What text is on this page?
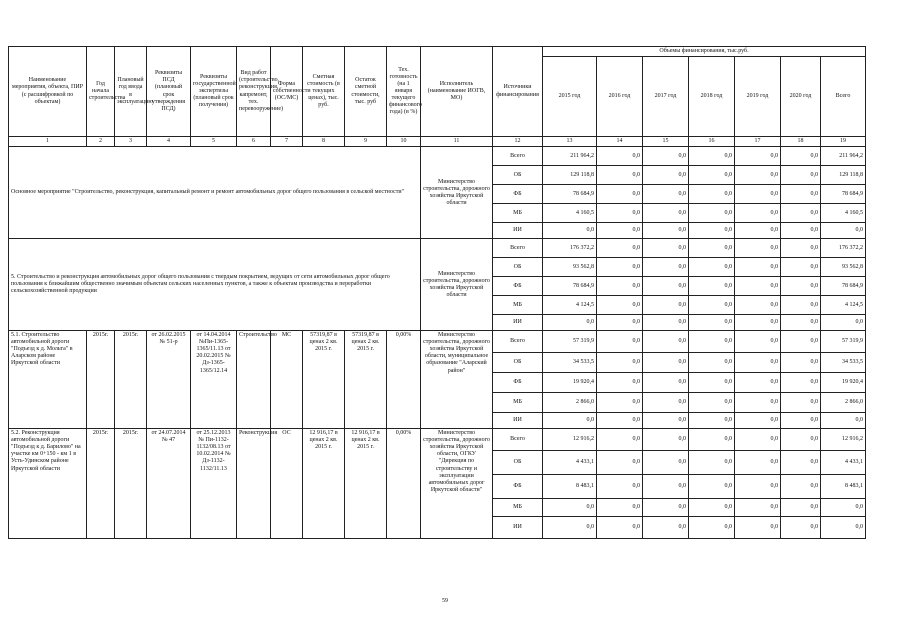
Наименование мероприятия, объекта, ПИР (с расшифровкой по объектам)	Год начала строительства	Плановый год ввода в эксплуатацию	Реквизиты ПСД (плановый срок утверждения ПСД)	Реквизиты государственной экспертизы (плановый срок получения)	Вид работ (строительство, реконструкция, капремонт, тех. перевооружение)	Форма собственности (ОС/МС)	Сметная стоимость (в текущих ценах), тыс. руб.	Остаток сметной стоимости, тыс. руб	Тех. готовность (на 1 января текущего финансового года) (в %)	Исполнитель (наименование ИОГВ, МО)	Источники финансирования	Объемы финансирования, тыс.руб.						
												2015 год	2016 год	2017 год	2018 год	2019 год	2020 год	Всего
1	2	3	4	5	6	7	8	9	10	11	12	13	14	15	16	17	18	19
Основное мероприятие "Строительство, реконструкция, капитальный ремонт и ремонт автомобильных дорог общего пользования в сельской местности"										Министерство строительства, дорожного хозяйства Иркутской области	Всего	211 964,2	0,0	0,0	0,0	0,0	0,0	211 964,2
											ОБ	129 118,8	0,0	0,0	0,0	0,0	0,0	129 118,8
											ФБ	78 684,9	0,0	0,0	0,0	0,0	0,0	78 684,9
											МБ	4 160,5	0,0	0,0	0,0	0,0	0,0	4 160,5
											ИИ	0,0	0,0	0,0	0,0	0,0	0,0	0,0
5. Строительство и реконструкция автомобильных дорог общего пользования с твердым покрытием, ведущих от сети автомобильных дорог общего пользования к ближайшим общественно значимым объектам сельских населенных пунктов, а также к объектам производства и переработки сельскохозяйственной продукции										Министерство строительства, дорожного хозяйства Иркутской области	Всего	176 372,2	0,0	0,0	0,0	0,0	0,0	176 372,2
											ОБ	93 562,8	0,0	0,0	0,0	0,0	0,0	93 562,8
											ФБ	78 684,9	0,0	0,0	0,0	0,0	0,0	78 684,9
											МБ	4 124,5	0,0	0,0	0,0	0,0	0,0	4 124,5
											ИИ	0,0	0,0	0,0	0,0	0,0	0,0	0,0
5.1. Строительство автомобильной дороги "Подъезд к д. Мольта" в Аларском районе Иркутской области	2015г.	2015г.	от 26.02.2015 № 51-р	от 14.04.2014 №Пи-1365-1365/11.13 от 20.02.2015 № Дз-1365-1365/12.14	Строительство	МС	57319,87 в ценах 2 кв. 2015 г.	57319,87 в ценах 2 кв. 2015 г.	0,00%	Министерство строительства, дорожного хозяйства Иркутской области, муниципальное образование "Аларский район"	Всего	57 319,9	0,0	0,0	0,0	0,0	0,0	57 319,9
											ОБ	34 533,5	0,0	0,0	0,0	0,0	0,0	34 533,5
											ФБ	19 920,4	0,0	0,0	0,0	0,0	0,0	19 920,4
											МБ	2 866,0	0,0	0,0	0,0	0,0	0,0	2 866,0
											ИИ	0,0	0,0	0,0	0,0	0,0	0,0	0,0
5.2. Реконструкция автомобильной дороги "Подъезд к д. Барилово" на участке км 0+150 - км 1 в Усть-Удинском районе Иркутской области	2015г.	2015г.	от 24.07.2014 № 47	от 25.12.2013 № Пи-1132-1132/08.13 от 10.02.2014 № Дз-1132-1132/11.13	Реконструкция	ОС	12 916,17 в ценах 2 кв. 2015 г.	12 916,17 в ценах 2 кв. 2015 г.	0,00%	Министерство строительства, дорожного хозяйства Иркутской области, ОГКУ "Дирекция по строительству и эксплуатации автомобильных дорог Иркутской области"	Всего	12 916,2	0,0	0,0	0,0	0,0	0,0	12 916,2
											ОБ	4 433,1	0,0	0,0	0,0	0,0	0,0	4 433,1
											ФБ	8 483,1	0,0	0,0	0,0	0,0	0,0	8 483,1
											МБ	0,0	0,0	0,0	0,0	0,0	0,0	0,0
											ИИ	0,0	0,0	0,0	0,0	0,0	0,0	0,0
59
